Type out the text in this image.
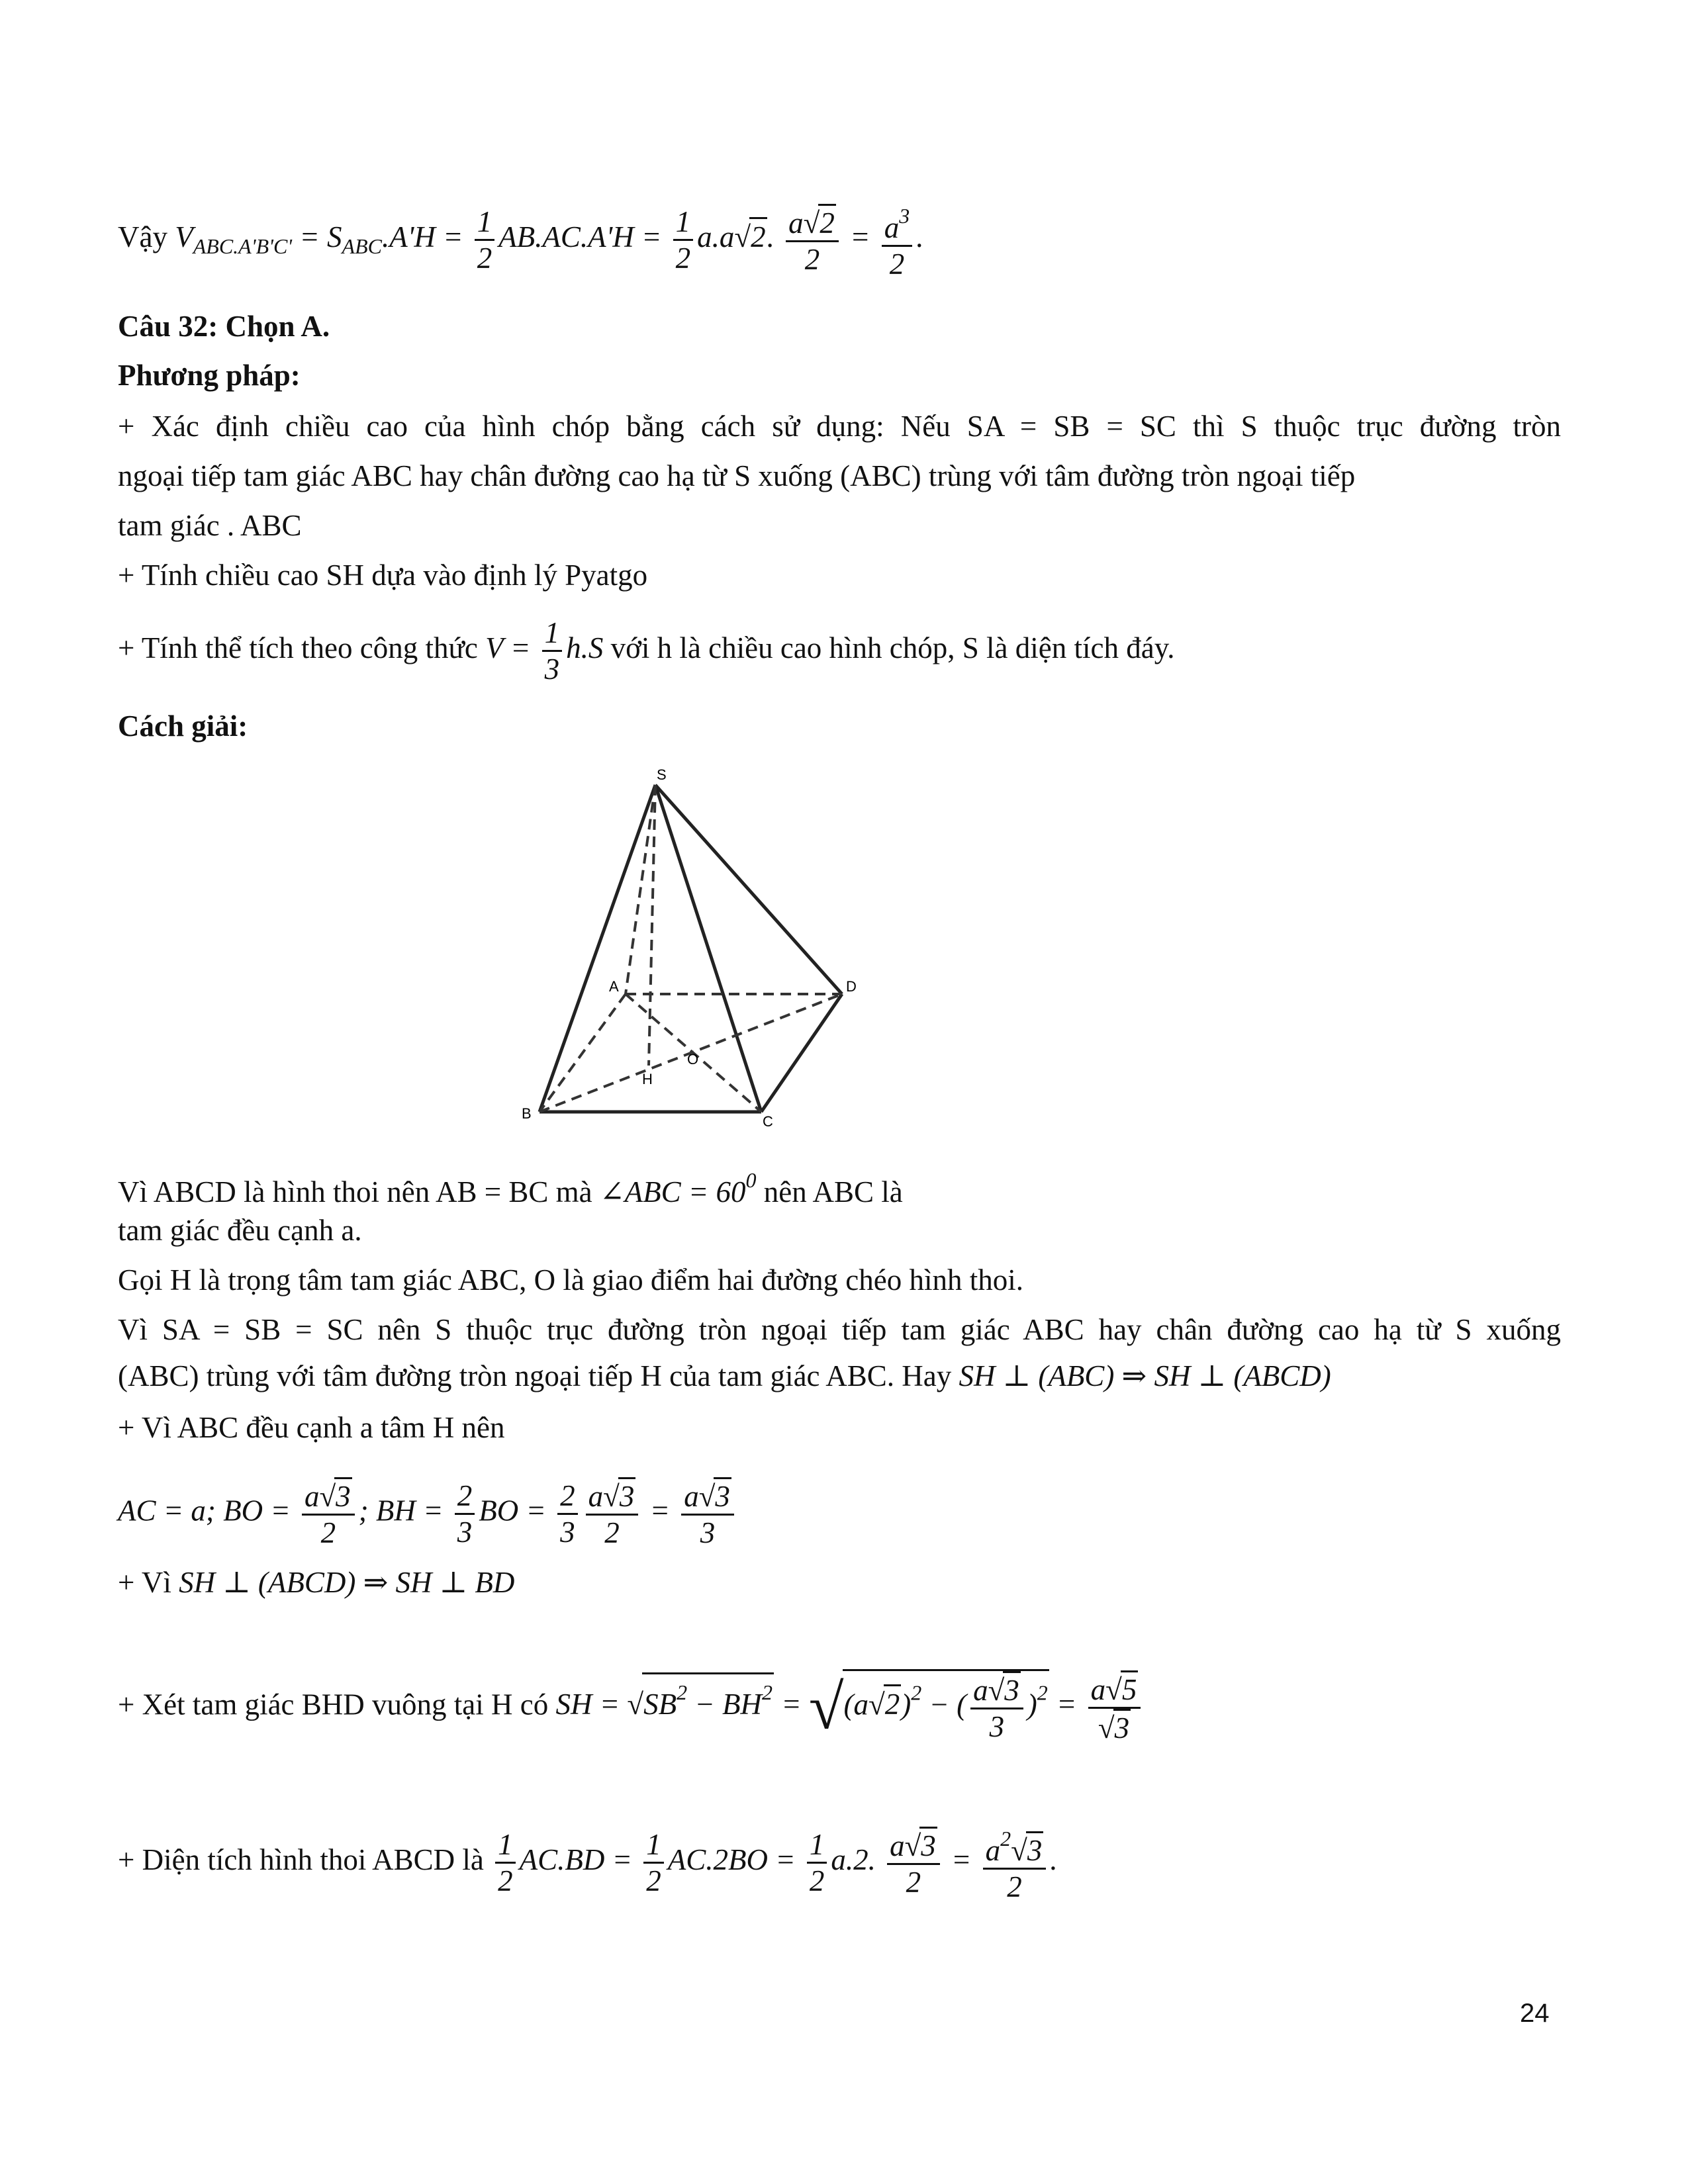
Vậy $V_{ABC.A'B'C'} = S_{ABC}.A'H = \frac{1}{2} AB.AC.A'H = \frac{1}{2} a.a√2$. $\frac{a√2}{2} = \frac{a^3}{2}$ .
Câu 32: Chọn A.
Phương pháp:
+ Xác định chiều cao của hình chóp bằng cách sử dụng: Nếu SA = SB = SC thì S thuộc trục đường tròn
ngoại tiếp tam giác ABC hay chân đường cao hạ từ S xuống (ABC) trùng với tâm đường tròn ngoại tiếp
tam giác . ABC
+ Tính chiều cao SH dựa vào định lý Pyatgo
+ Tính thể tích theo công thức $V = \frac{1}{3} h.S$ với h là chiều cao hình chóp, S là diện tích đáy.
Cách giải:
S
A
B	C
D
H
O
Vì ABCD là hình thoi nên AB = BC mà ∠ABC = $60^0$ nên ABC là
tam giác đều cạnh a.
Gọi H là trọng tâm tam giác ABC, O là giao điểm hai đường chéo hình thoi.
Vì SA = SB = SC nên S thuộc trục đường tròn ngoại tiếp tam giác ABC hay chân đường cao hạ từ S xuống
(ABC) trùng với tâm đường tròn ngoại tiếp H của tam giác ABC. Hay SH ⊥ (ABC) ⇒ SH ⊥ (ABCD)
+ Vì ABC đều cạnh a tâm H nên
AC = a; BO = $\frac{a√3}{2}$ ; BH = $\frac{2}{3}$ BO = $\frac{2}{3} \frac{a√3}{2} = \frac{a√3}{3}$
+ Vì SH ⊥ (ABCD) ⇒ SH ⊥ BD
+ Xét tam giác BHD vuông tại H có SH = $√SB^2 - BH^2 = √(a√2)^2$ − ( $\frac{a√3}{3} )^2 = \frac{a√5}{√3}$
+ Diện tích hình thoi ABCD là $\frac{1}{2} AC.BD = \frac{1}{2} AC.2BO = \frac{1}{2} a.2$. $\frac{a√3}{2} = \frac{a^2√3}{2}$ .
24
